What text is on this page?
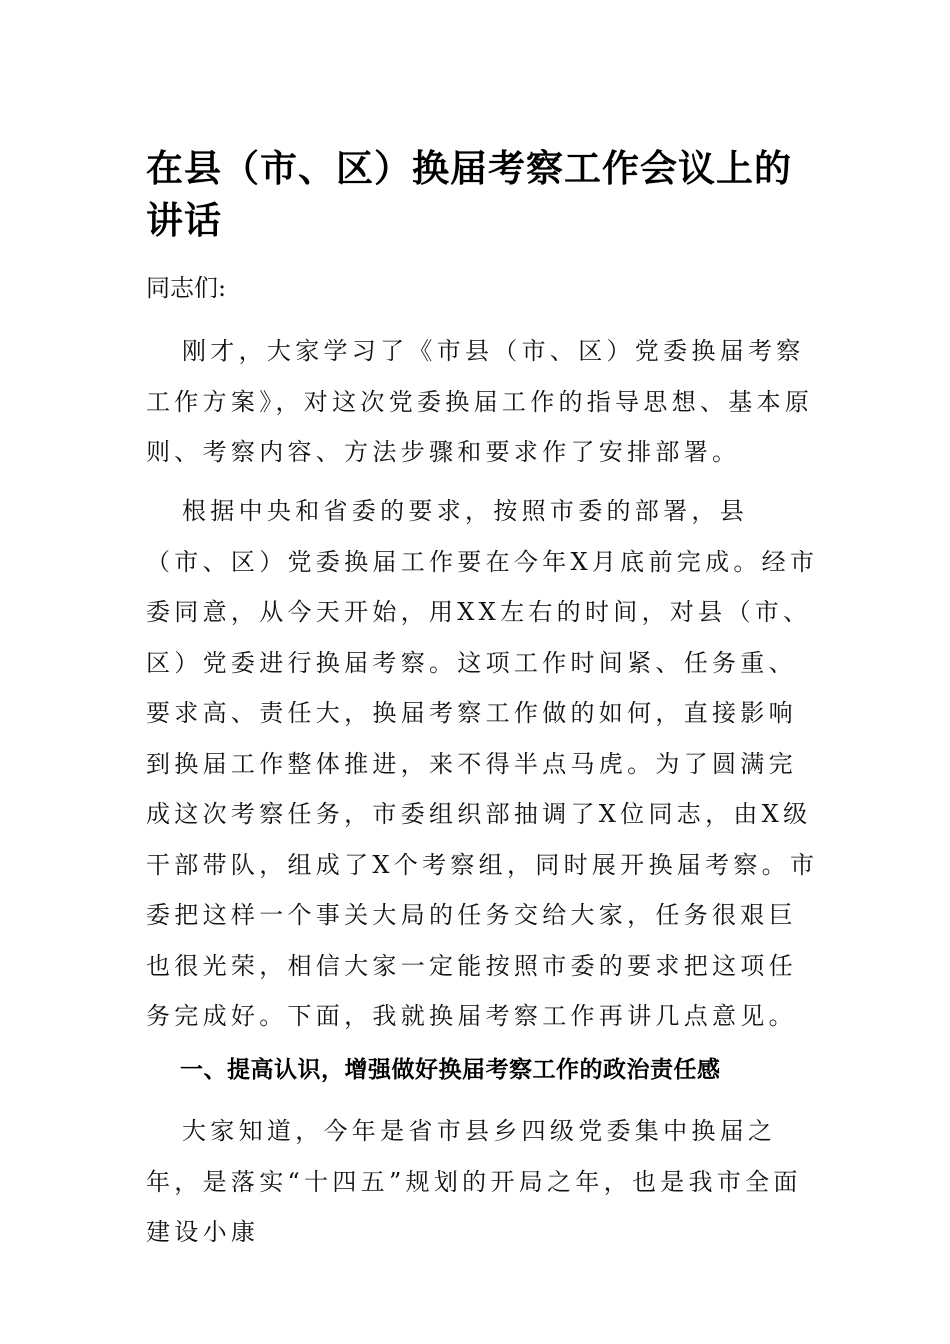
在县（市、区）换届考察工作会议上的讲话

同志们:

刚才，大家学习了《市县（市、区）党委换届考察工作方案》，对这次党委换届工作的指导思想、基本原则、考察内容、方法步骤和要求作了安排部署。

根据中央和省委的要求，按照市委的部署，县（市、区）党委换届工作要在今年X月底前完成。经市委同意，从今天开始，用XX左右的时间，对县（市、区）党委进行换届考察。这项工作时间紧、任务重、要求高、责任大，换届考察工作做的如何，直接影响到换届工作整体推进，来不得半点马虎。为了圆满完成这次考察任务，市委组织部抽调了X位同志，由X级干部带队，组成了X个考察组，同时展开换届考察。市委把这样一个事关大局的任务交给大家，任务很艰巨也很光荣，相信大家一定能按照市委的要求把这项任务完成好。下面，我就换届考察工作再讲几点意见。

一、提高认识，增强做好换届考察工作的政治责任感

大家知道，今年是省市县乡四级党委集中换届之年，是落实“十四五”规划的开局之年，也是我市全面建设小康
